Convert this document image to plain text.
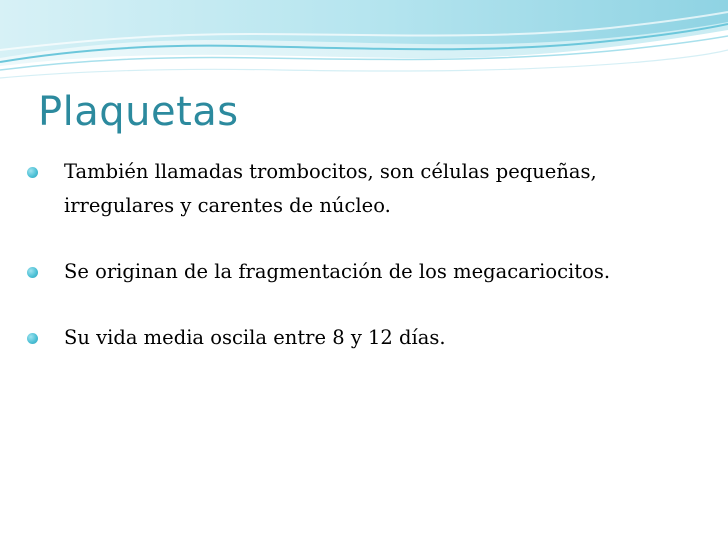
Plaquetas
También llamadas trombocitos, son células pequeñas, irregulares y carentes de núcleo.
Se originan de la fragmentación de los megacariocitos.
Su vida media oscila entre 8 y 12 días.
